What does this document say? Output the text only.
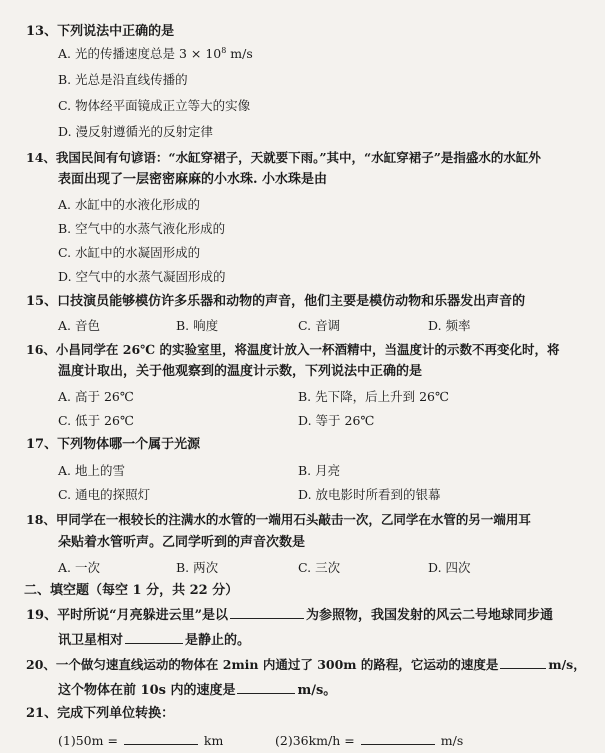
13、下列说法中正确的是
A. 光的传播速度总是 $3 \times 10^8$ m/s
B. 光总是沿直线传播的
C. 物体经平面镜成正立等大的实像
D. 漫反射遵循光的反射定律
14、我国民间有句谚语：“水缸穿裙子，天就要下雨。”其中，“水缸穿裙子”是指盛水的水缸外
表面出现了一层密密麻麻的小水珠. 小水珠是由
A. 水缸中的水液化形成的
B. 空气中的水蒸气液化形成的
C. 水缸中的水凝固形成的
D. 空气中的水蒸气凝固形成的
15、口技演员能够模仿许多乐器和动物的声音，他们主要是模仿动物和乐器发出声音的
A. 音色	B. 响度	C. 音调	D. 频率
16、小昌同学在 26℃ 的实验室里，将温度计放入一杯酒精中，当温度计的示数不再变化时，将
温度计取出，关于他观察到的温度计示数，下列说法中正确的是
A. 高于 26℃	B. 先下降，后上升到 26℃
C. 低于 26℃	D. 等于 26℃
17、下列物体哪一个属于光源
A. 地上的雪	B. 月亮
C. 通电的探照灯	D. 放电影时所看到的银幕
18、甲同学在一根较长的注满水的水管的一端用石头敲击一次，乙同学在水管的另一端用耳
朵贴着水管听声。乙同学听到的声音次数是
A. 一次	B. 两次	C. 三次	D. 四次
二、填空题（每空 1 分，共 22 分）
19、平时所说“月亮躲进云里”是以	为参照物，我国发射的风云二号地球同步通
讯卫星相对	是静止的。
20、一个做匀速直线运动的物体在 2min 内通过了 300m 的路程，它运动的速度是	m/s，
这个物体在前 10s 内的速度是	m/s。
21、完成下列单位转换：
(1)50m =	km	(2)36km/h =	m/s
